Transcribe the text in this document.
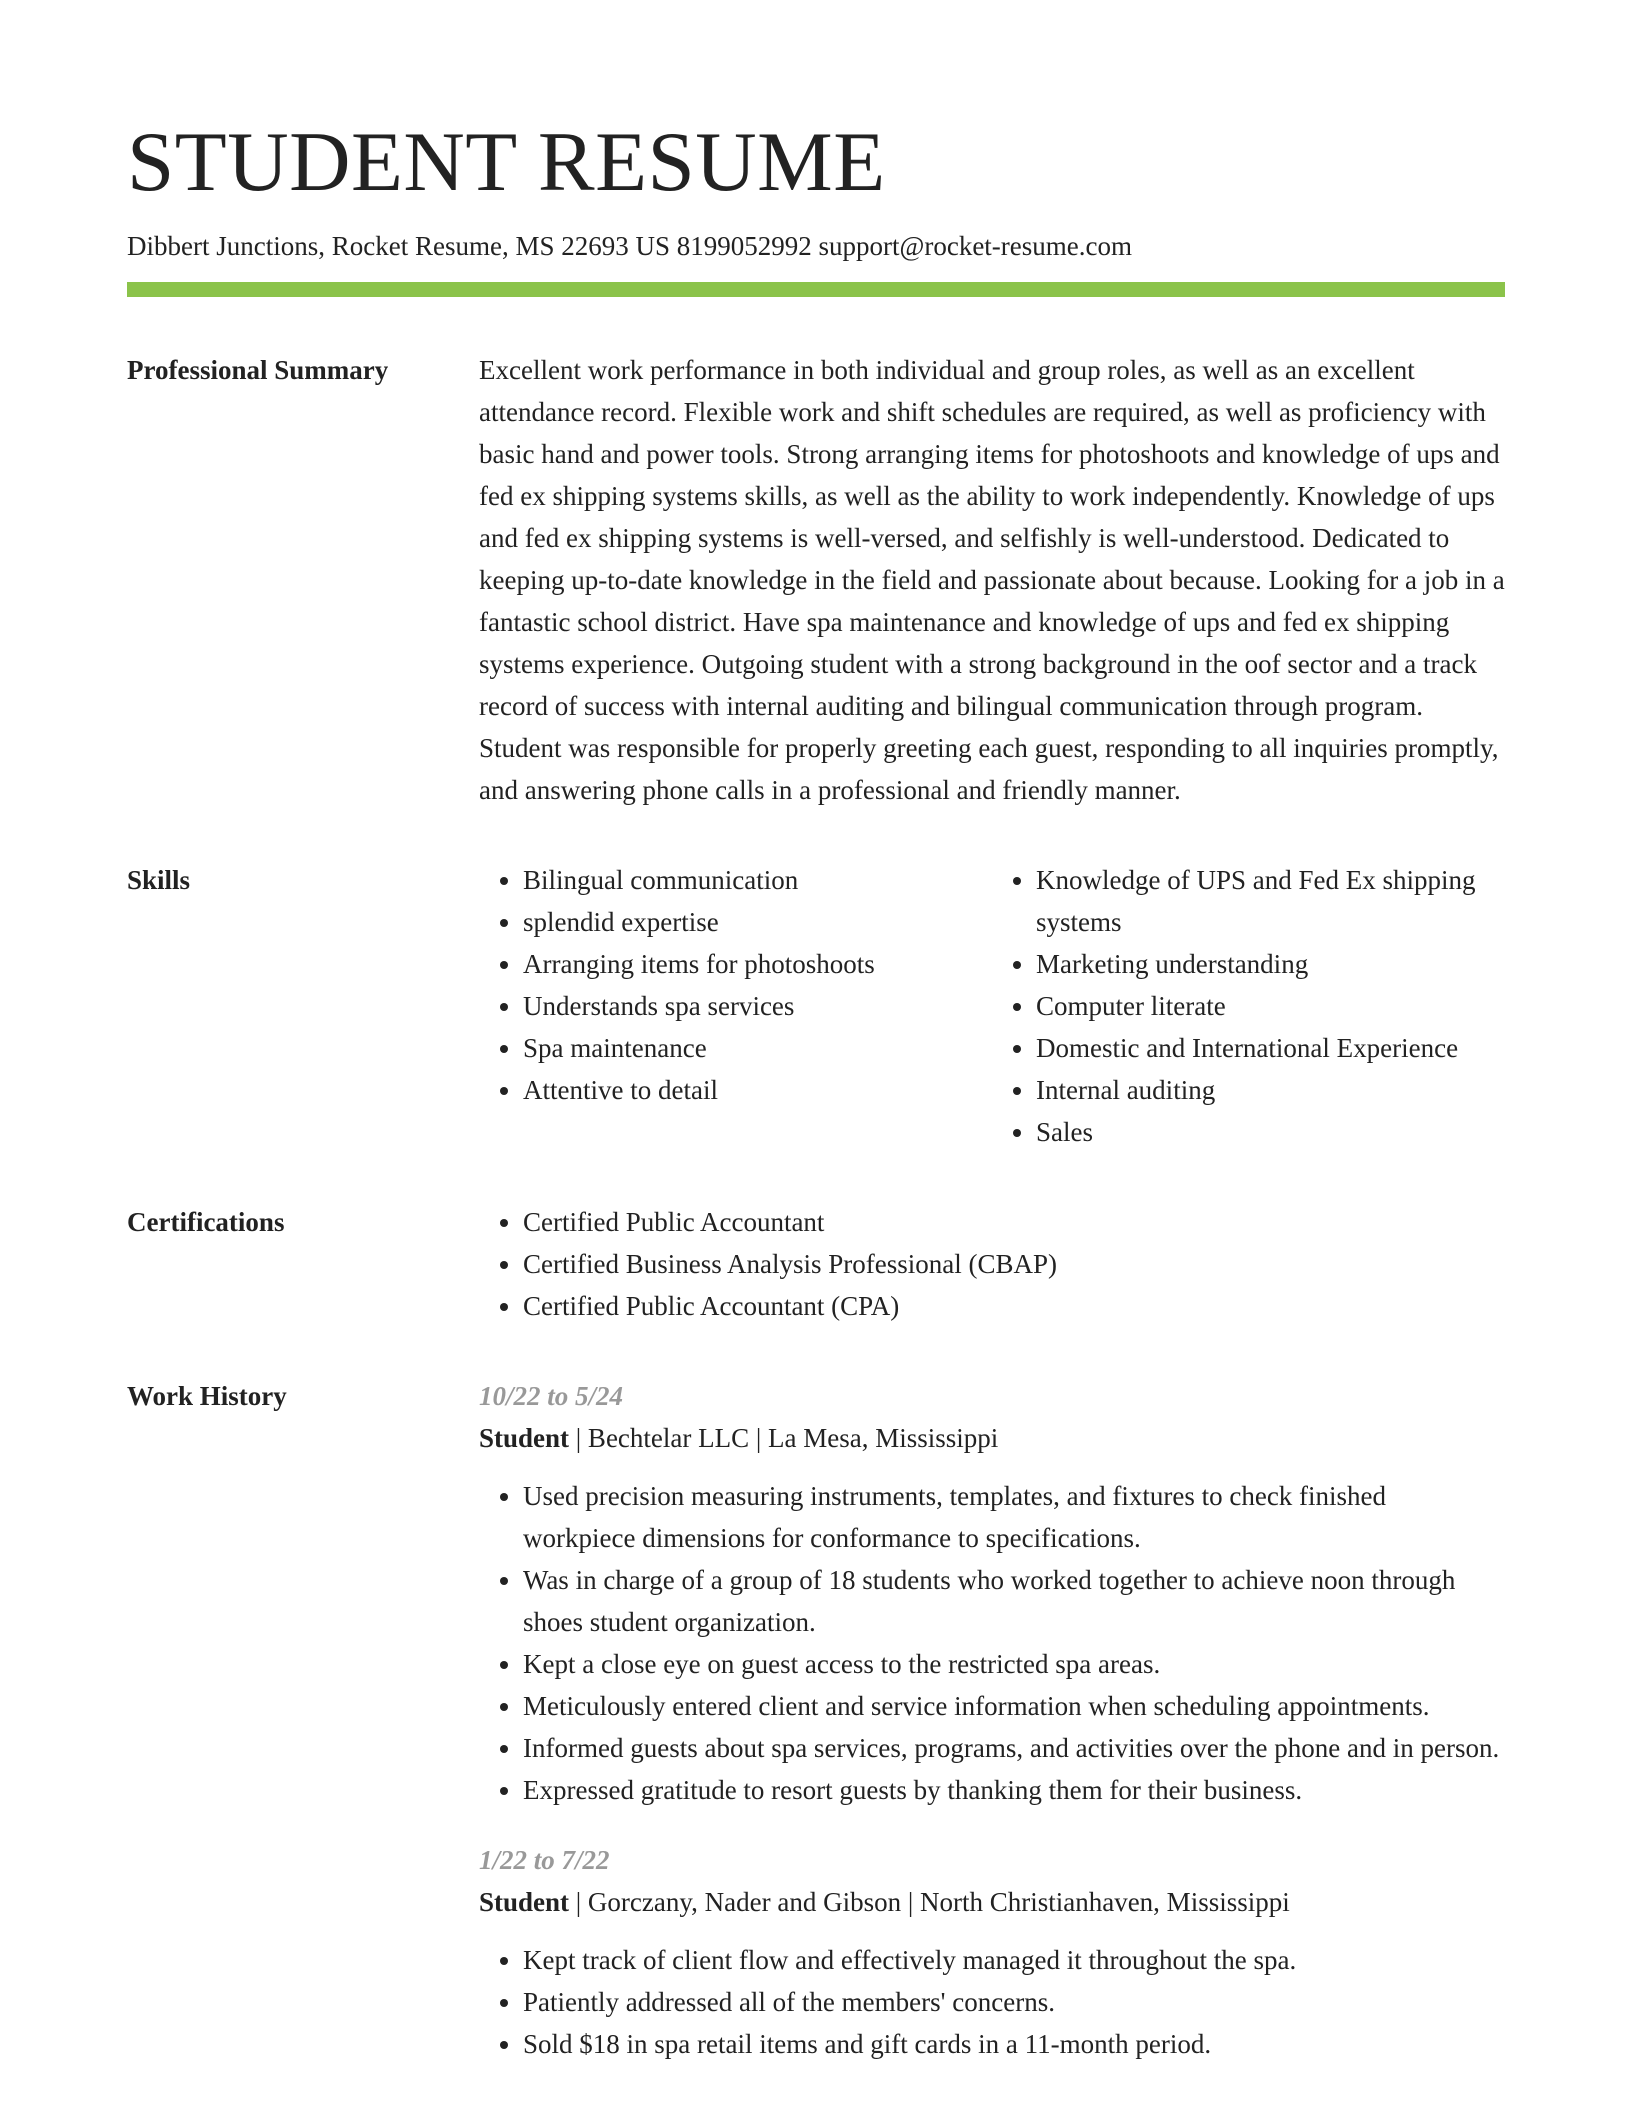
STUDENT RESUME
Dibbert Junctions, Rocket Resume, MS 22693 US 8199052992 support@rocket-resume.com
Professional Summary	Excellent work performance in both individual and group roles, as well as an excellent attendance record. Flexible work and shift schedules are required, as well as proficiency with basic hand and power tools. Strong arranging items for photoshoots and knowledge of ups and fed ex shipping systems skills, as well as the ability to work independently. Knowledge of ups and fed ex shipping systems is well-versed, and selfishly is well-understood. Dedicated to keeping up-to-date knowledge in the field and passionate about because. Looking for a job in a fantastic school district. Have spa maintenance and knowledge of ups and fed ex shipping systems experience. Outgoing student with a strong background in the oof sector and a track record of success with internal auditing and bilingual communication through program. Student was responsible for properly greeting each guest, responding to all inquiries promptly, and answering phone calls in a professional and friendly manner.

Skills	• Bilingual communication
• splendid expertise
• Arranging items for photoshoots
• Understands spa services
• Spa maintenance
• Attentive to detail
• Knowledge of UPS and Fed Ex shipping systems
• Marketing understanding
• Computer literate
• Domestic and International Experience
• Internal auditing
• Sales
Certifications	• Certified Public Accountant
• Certified Business Analysis Professional (CBAP)
• Certified Public Accountant (CPA)
Work History	10/22 to 5/24
Student | Bechtelar LLC | La Mesa, Mississippi
• Used precision measuring instruments, templates, and fixtures to check finished workpiece dimensions for conformance to specifications.
• Was in charge of a group of 18 students who worked together to achieve noon through shoes student organization.
• Kept a close eye on guest access to the restricted spa areas.
• Meticulously entered client and service information when scheduling appointments.
• Informed guests about spa services, programs, and activities over the phone and in person.
• Expressed gratitude to resort guests by thanking them for their business.
1/22 to 7/22
Student | Gorczany, Nader and Gibson | North Christianhaven, Mississippi
• Kept track of client flow and effectively managed it throughout the spa.
• Patiently addressed all of the members' concerns.
• Sold $18 in spa retail items and gift cards in a 11-month period.
